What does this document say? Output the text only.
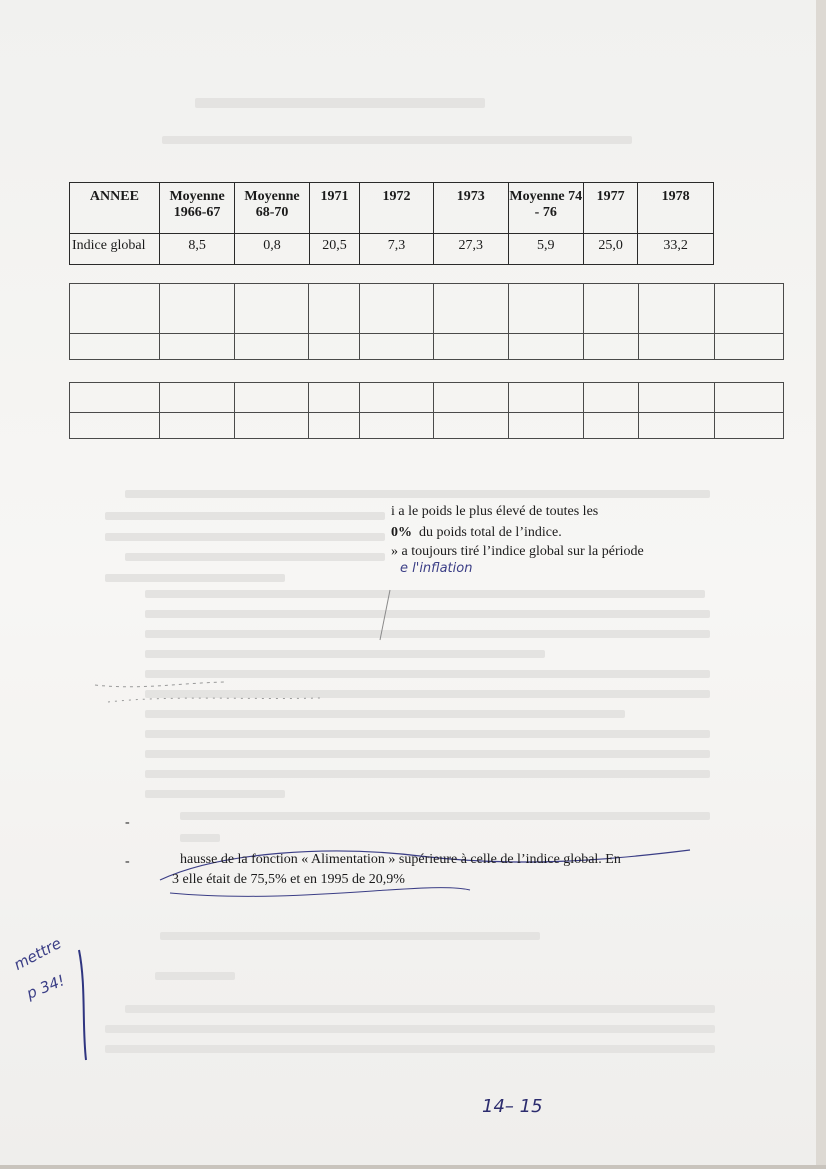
ANNEE	Moyenne 1966-67	Moyenne 68-70	1971	1972	1973	Moyenne 74 - 76	1977	1978
Indice global	8,5	0,8	20,5	7,3	27,3	5,9	25,0	33,2

i a le poids le plus élevé de toutes les
0% du poids total de l’indice.
» a toujours tiré l’indice global sur la période
e l'inflation
-
-	hausse de la fonction « Alimentation » supérieure à celle de l’indice global. En
3 elle était de 75,5% et en 1995 de 20,9%
mettre
p 34!
14– 15
